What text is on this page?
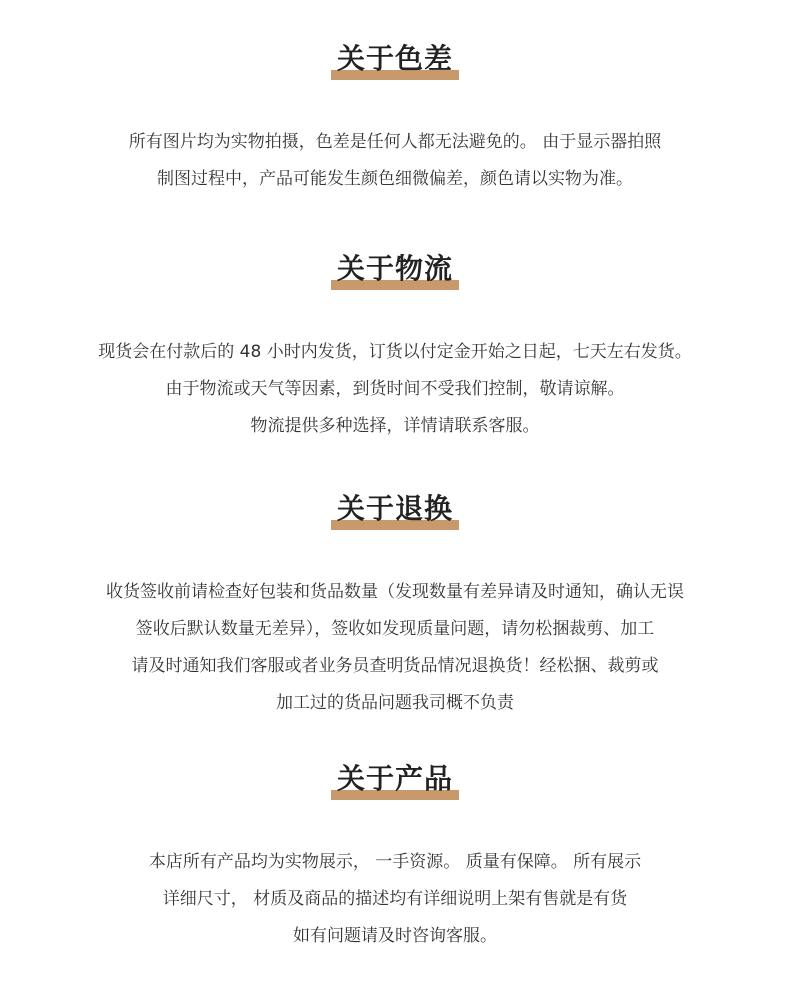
关于色差
所有图片均为实物拍摄，色差是任何人都无法避免的。 由于显示器拍照
制图过程中，产品可能发生颜色细微偏差，颜色请以实物为准。
关于物流
现货会在付款后的 48 小时内发货，订货以付定金开始之日起，七天左右发货。
由于物流或天气等因素，到货时间不受我们控制，敬请谅解。
物流提供多种选择，详情请联系客服。
关于退换
收货签收前请检查好包装和货品数量（发现数量有差异请及时通知，确认无误
签收后默认数量无差异），签收如发现质量问题，请勿松捆裁剪、加工
请及时通知我们客服或者业务员查明货品情况退换货！经松捆、裁剪或
加工过的货品问题我司概不负责
关于产品
本店所有产品均为实物展示， 一手资源。 质量有保障。 所有展示
详细尺寸， 材质及商品的描述均有详细说明上架有售就是有货
如有问题请及时咨询客服。
